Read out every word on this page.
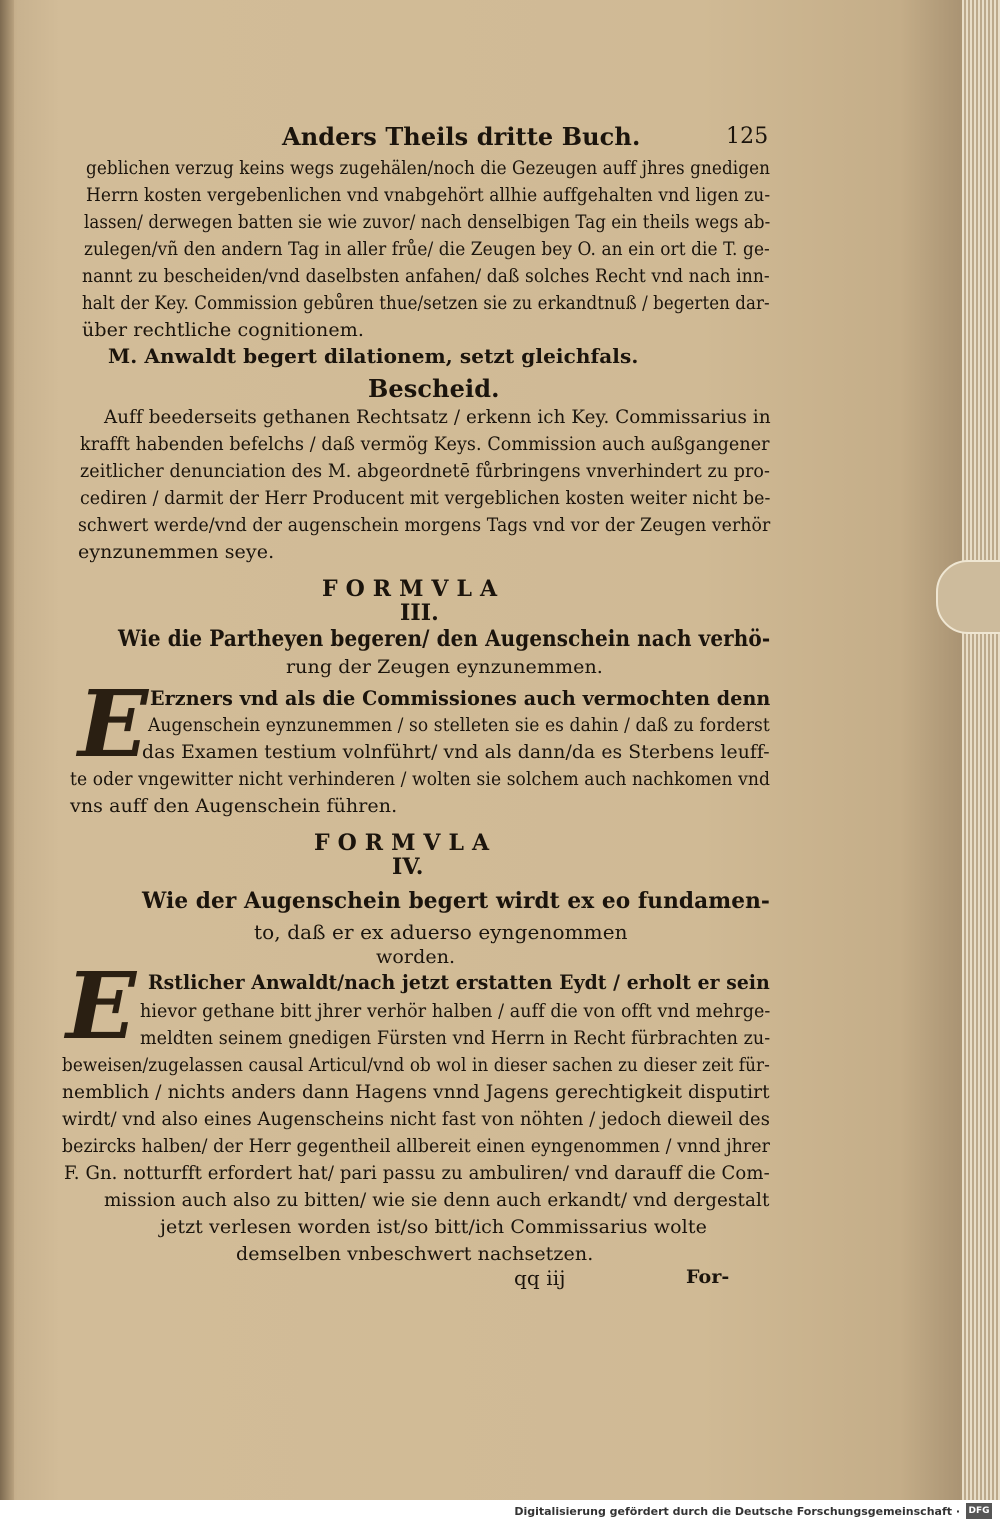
Anders Theils dritte Buch.	125
geblichen verzug keins wegs zugehälen/noch die Gezeugen auff jhres gnedigen
Herrn kosten vergebenlichen vnd vnabgehört allhie auffgehalten vnd ligen zu-
lassen/ derwegen batten sie wie zuvor/ nach denselbigen Tag ein theils wegs ab-
zulegen/vñ den andern Tag in aller frůe/ die Zeugen bey O. an ein ort die T. ge-
nannt zu bescheiden/vnd daselbsten anfahen/ daß solches Recht vnd nach inn-
halt der Key. Commission gebůren thue/setzen sie zu erkandtnuß / begerten dar-
über rechtliche cognitionem.
M. Anwaldt begert dilationem, setzt gleichfals.
Bescheid.
Auff beederseits gethanen Rechtsatz / erkenn ich Key. Commissarius in
krafft habenden befelchs / daß vermög Keys. Commission auch außgangener
zeitlicher denunciation des M. abgeordnetē fůrbringens vnverhindert zu pro-
cediren / darmit der Herr Producent mit vergeblichen kosten weiter nicht be-
schwert werde/vnd der augenschein morgens Tags vnd vor der Zeugen verhör
eynzunemmen seye.
FORMVLA
III.
Wie die Partheyen begeren/ den Augenschein nach verhö-
rung der Zeugen eynzunemmen.
E Erzners vnd als die Commissiones auch vermochten denn
Augenschein eynzunemmen / so stelleten sie es dahin / daß zu forderst
das Examen testium volnführt/ vnd als dann/da es Sterbens leuff-
te oder vngewitter nicht verhinderen / wolten sie solchem auch nachkomen vnd
vns auff den Augenschein führen.
FORMVLA
IV.
Wie der Augenschein begert wirdt ex eo fundamen-
to, daß er ex aduerso eyngenommen
worden.
E Rstlicher Anwaldt/nach jetzt erstatten Eydt / erholt er sein
hievor gethane bitt jhrer verhör halben / auff die von offt vnd mehrge-
meldten seinem gnedigen Fürsten vnd Herrn in Recht fürbrachten zu-
beweisen/zugelassen causal Articul/vnd ob wol in dieser sachen zu dieser zeit für-
nemblich / nichts anders dann Hagens vnnd Jagens gerechtigkeit disputirt
wirdt/ vnd also eines Augenscheins nicht fast von nöhten / jedoch dieweil des
bezircks halben/ der Herr gegentheil allbereit einen eyngenommen / vnnd jhrer
F. Gn. notturfft erfordert hat/ pari passu zu ambuliren/ vnd darauff die Com-
mission auch also zu bitten/ wie sie denn auch erkandt/ vnd dergestalt
jetzt verlesen worden ist/so bitt/ich Commissarius wolte
demselben vnbeschwert nachsetzen.
qq iij	For-
Digitalisierung gefördert durch die Deutsche Forschungsgemeinschaft · DFG
